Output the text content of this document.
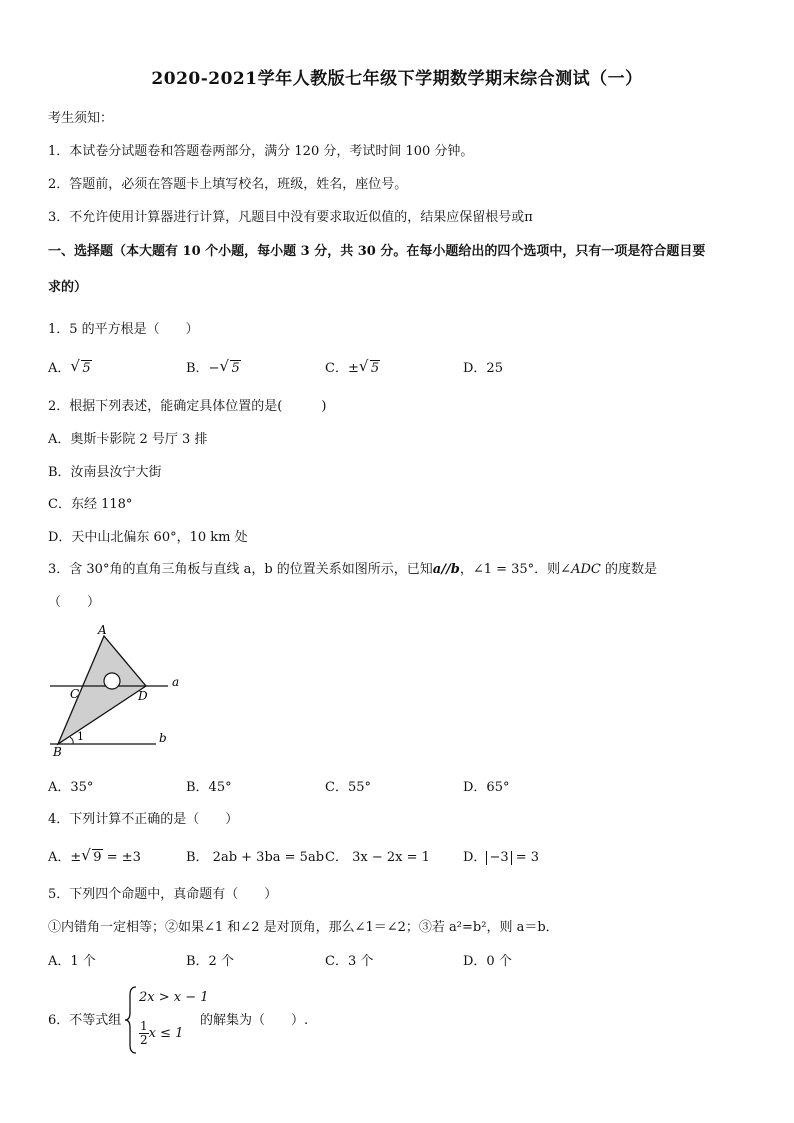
2020-2021学年人教版七年级下学期数学期末综合测试（一）
考生须知：
1．本试卷分试题卷和答题卷两部分，满分 120 分，考试时间 100 分钟。
2．答题前，必须在答题卡上填写校名，班级，姓名，座位号。
3．不允许使用计算器进行计算，凡题目中没有要求取近似值的，结果应保留根号或π
一、选择题（本大题有 10 个小题，每小题 3 分，共 30 分。在每小题给出的四个选项中，只有一项是符合题目要
求的）
1．5 的平方根是（　　）
A． √ 5	B．− √ 5	C．± √ 5	D．25
2．根据下列表述，能确定具体位置的是(　　　)
A．奥斯卡影院 2 号厅 3 排
B．汝南县汝宁大街
C．东经 118°
D．天中山北偏东 60°，10 km 处
3．含 30°角的直角三角板与直线 a，b 的位置关系如图所示，已知a//b，∠1 = 35°．则∠ADC 的度数是
（　　）
A
B
C	D
a
b
1
A．35°	B．45°	C．55°	D．65°
4．下列计算不正确的是（　　）
A．± √ 9 = ±3	B． 2ab + 3ba = 5ab C． 3x − 2x = 1	D． −3 = 3
5．下列四个命题中，真命题有（　　）
①内错角一定相等；②如果∠1 和∠2 是对顶角，那么∠1＝∠2；③若 a²=b²，则 a＝b．
A．1 个	B．2 个	C．3 个	D．0 个
6．不等式组
2x > x − 1
$\frac{1}{2}$ x ≤ 1
的解集为（　　）.
